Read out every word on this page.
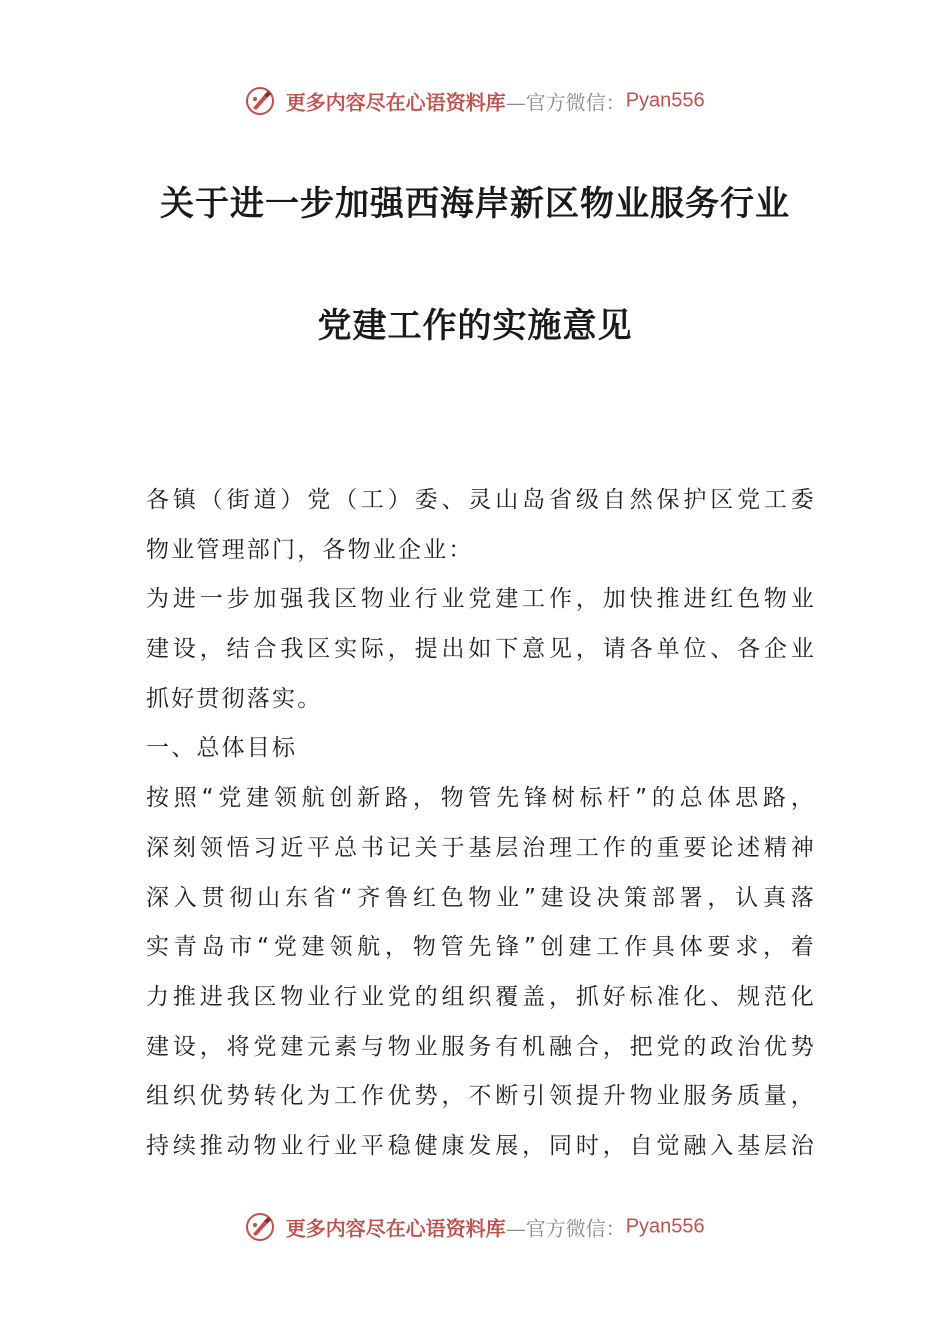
更多内容尽在心语资料库—官方微信：Pyan556
关于进一步加强西海岸新区物业服务行业
党建工作的实施意见
各镇（街道）党（工）委、灵山岛省级自然保护区党工委
物业管理部门，各物业企业：
为进一步加强我区物业行业党建工作，加快推进红色物业
建设，结合我区实际，提出如下意见，请各单位、各企业
抓好贯彻落实。
一、总体目标
按照“党建领航创新路，物管先锋树标杆”的总体思路，
深刻领悟习近平总书记关于基层治理工作的重要论述精神
深入贯彻山东省“齐鲁红色物业”建设决策部署，认真落
实青岛市“党建领航，物管先锋”创建工作具体要求，着
力推进我区物业行业党的组织覆盖，抓好标准化、规范化
建设，将党建元素与物业服务有机融合，把党的政治优势
组织优势转化为工作优势，不断引领提升物业服务质量，
持续推动物业行业平稳健康发展，同时，自觉融入基层治
更多内容尽在心语资料库—官方微信：Pyan556
